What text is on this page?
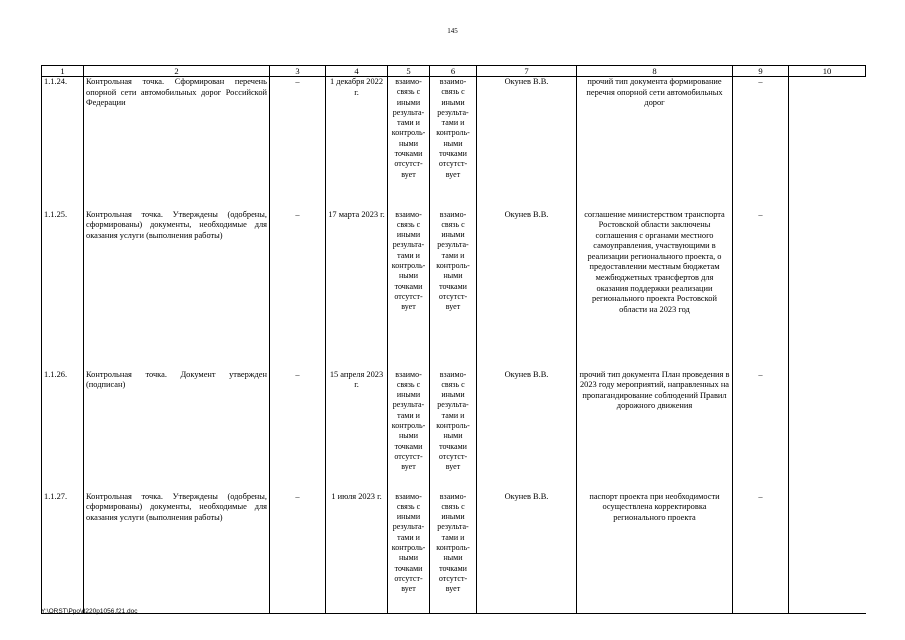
145
1	2	3	4	5	6	7	8	9	10
1.1.24.	Контрольная точка. Сформирован перечень опорной сети автомобильных дорог Российской Федерации	–	1 декабря 2022 г.	взаимо-связь с иными результа-тами и контроль-ными точками отсутст-вует	взаимо-связь с иными результа-тами и контроль-ными точками отсутст-вует	Окунев В.В.	прочий тип документа формирование перечня опорной сети автомобильных дорог	–	
1.1.25.	Контрольная точка. Утверждены (одобрены, сформированы) документы, необходимые для оказания услуги (выполнения работы)	–	17 марта 2023 г.	взаимо-связь с иными результа-тами и контроль-ными точками отсутст-вует	взаимо-связь с иными результа-тами и контроль-ными точками отсутст-вует	Окунев В.В.	соглашение министерством транспорта Ростовской области заключены соглашения с органами местного самоуправления, участвующими в реализации регионального проекта, о предоставлении местным бюджетам межбюджетных трансфертов для оказания поддержки реализации регионального проекта Ростовской области на 2023 год	–	
1.1.26.	Контрольная точка. Документ утвержден (подписан)	–	15 апреля 2023 г.	взаимо-связь с иными результа-тами и контроль-ными точками отсутст-вует	взаимо-связь с иными результа-тами и контроль-ными точками отсутст-вует	Окунев В.В.	прочий тип документа План проведения в 2023 году мероприятий, направленных на пропагандирование соблюдений Правил дорожного движения	–	
1.1.27.	Контрольная точка. Утверждены (одобрены, сформированы) документы, необходимые для оказания услуги (выполнения работы)	–	1 июля 2023 г.	взаимо-связь с иными результа-тами и контроль-ными точками отсутст-вует	взаимо-связь с иными результа-тами и контроль-ными точками отсутст-вует	Окунев В.В.	паспорт проекта при необходимости осуществлена корректировка регионального проекта	–	
Y:\ORST\Ppo\d220p1056.f21.doc
